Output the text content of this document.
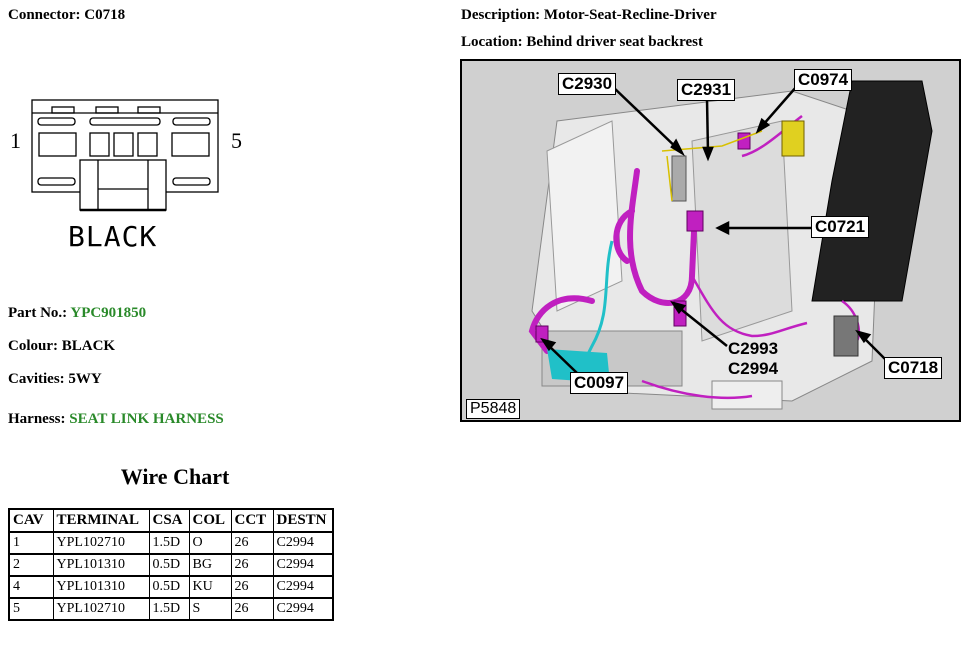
Connector: C0718	Description: Motor-Seat-Recline-Driver
Location: Behind driver seat backrest
1	5
BLACK
Part No.: YPC901850
Colour: BLACK
Cavities: 5WY
Harness: SEAT LINK HARNESS
Wire Chart
CAV	TERMINAL	CSA	COL	CCT	DESTN
1	YPL102710	1.5D	O	26	C2994
2	YPL101310	0.5D	BG	26	C2994
4	YPL101310	0.5D	KU	26	C2994
5	YPL102710	1.5D	S	26	C2994
C2930	C2931
C0974
C0721
C2993
C2994
C0097
C0718
P5848
